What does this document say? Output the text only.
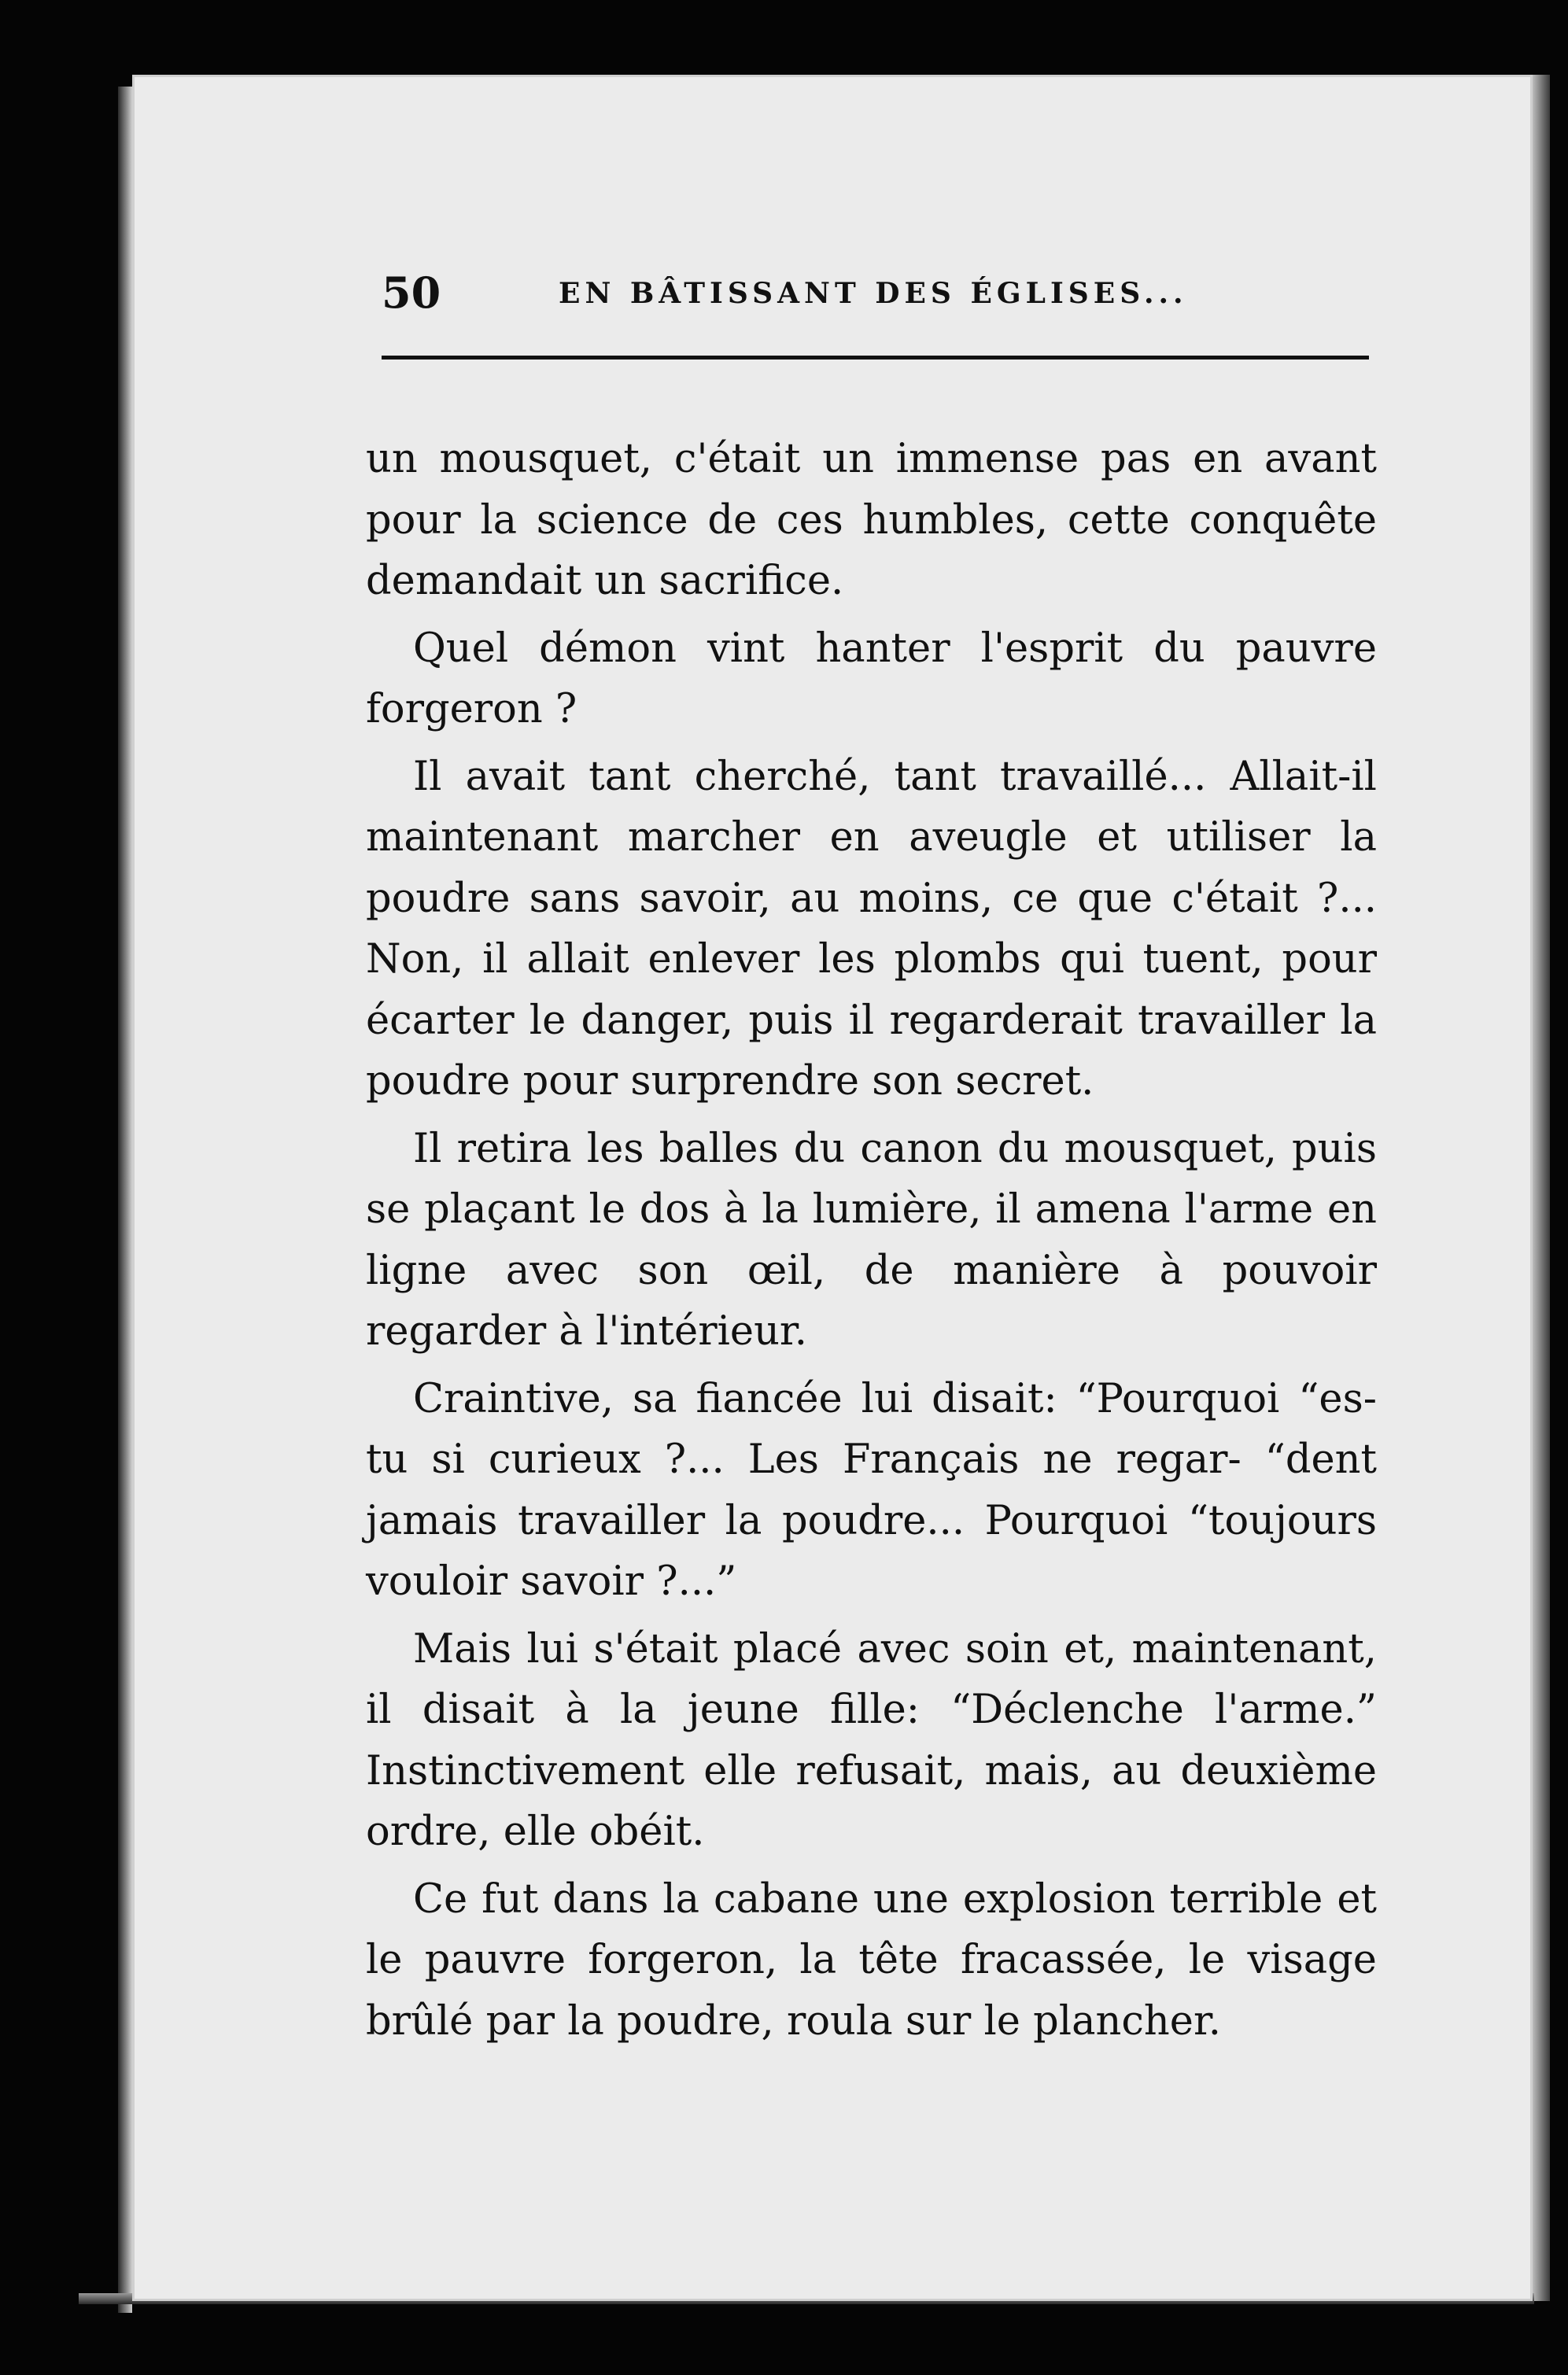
50	EN BÂTISSANT DES ÉGLISES...

un mousquet, c'était un immense pas en avant pour la science de ces humbles, cette conquête demandait un sacrifice.

Quel démon vint hanter l'esprit du pauvre forgeron ?

Il avait tant cherché, tant travaillé... Allait-il maintenant marcher en aveugle et utiliser la poudre sans savoir, au moins, ce que c'était ?... Non, il allait enlever les plombs qui tuent, pour écarter le danger, puis il regarderait travailler la poudre pour surprendre son secret.

Il retira les balles du canon du mousquet, puis se plaçant le dos à la lumière, il amena l'arme en ligne avec son œil, de manière à pouvoir regarder à l'intérieur.

Craintive, sa fiancée lui disait: “Pourquoi “es-tu si curieux ?... Les Français ne regar- “dent jamais travailler la poudre... Pourquoi “toujours vouloir savoir ?...”

Mais lui s'était placé avec soin et, maintenant, il disait à la jeune fille: “Déclenche l'arme.” Instinctivement elle refusait, mais, au deuxième ordre, elle obéit.

Ce fut dans la cabane une explosion terrible et le pauvre forgeron, la tête fracassée, le visage brûlé par la poudre, roula sur le plancher.
